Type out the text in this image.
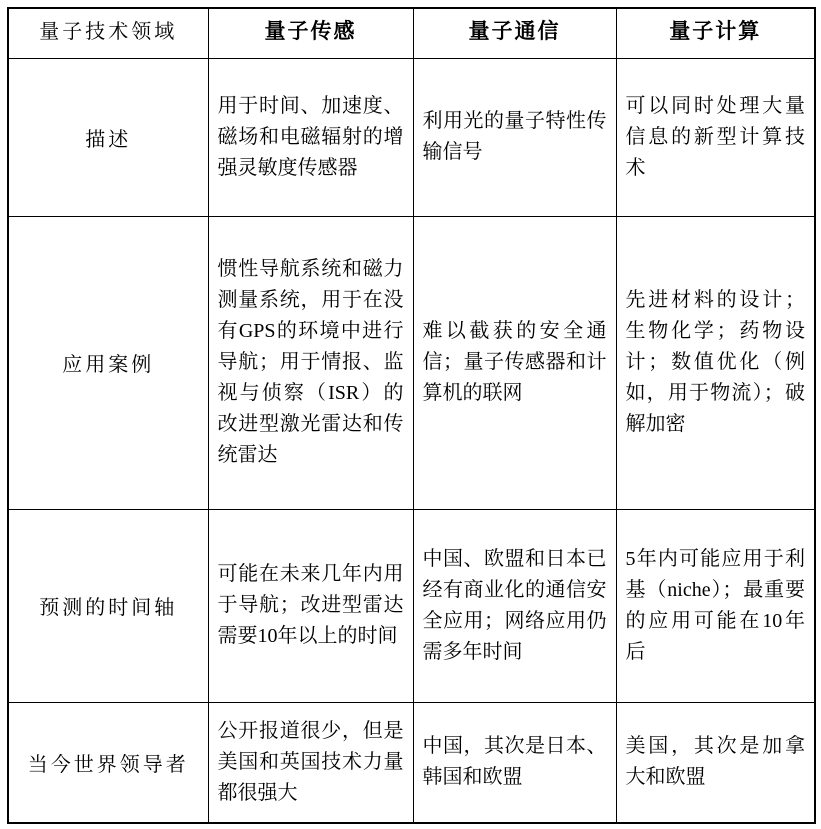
量子技术领域	量子传感	量子通信	量子计算
描述	用于时间、加速度、磁场和电磁辐射的增强灵敏度传感器	利用光的量子特性传输信号	可以同时处理大量信息的新型计算技术
应用案例	惯性导航系统和磁力测量系统，用于在没有GPS的环境中进行导航；用于情报、监视与侦察（ISR）的改进型激光雷达和传统雷达	难以截获的安全通信；量子传感器和计算机的联网	先进材料的设计；生物化学；药物设计；数值优化（例如，用于物流）；破解加密
预测的时间轴	可能在未来几年内用于导航；改进型雷达需要10年以上的时间	中国、欧盟和日本已经有商业化的通信安全应用；网络应用仍需多年时间	5年内可能应用于利基（niche）；最重要的应用可能在10年后
当今世界领导者	公开报道很少，但是美国和英国技术力量都很强大	中国，其次是日本、韩国和欧盟	美国，其次是加拿大和欧盟
